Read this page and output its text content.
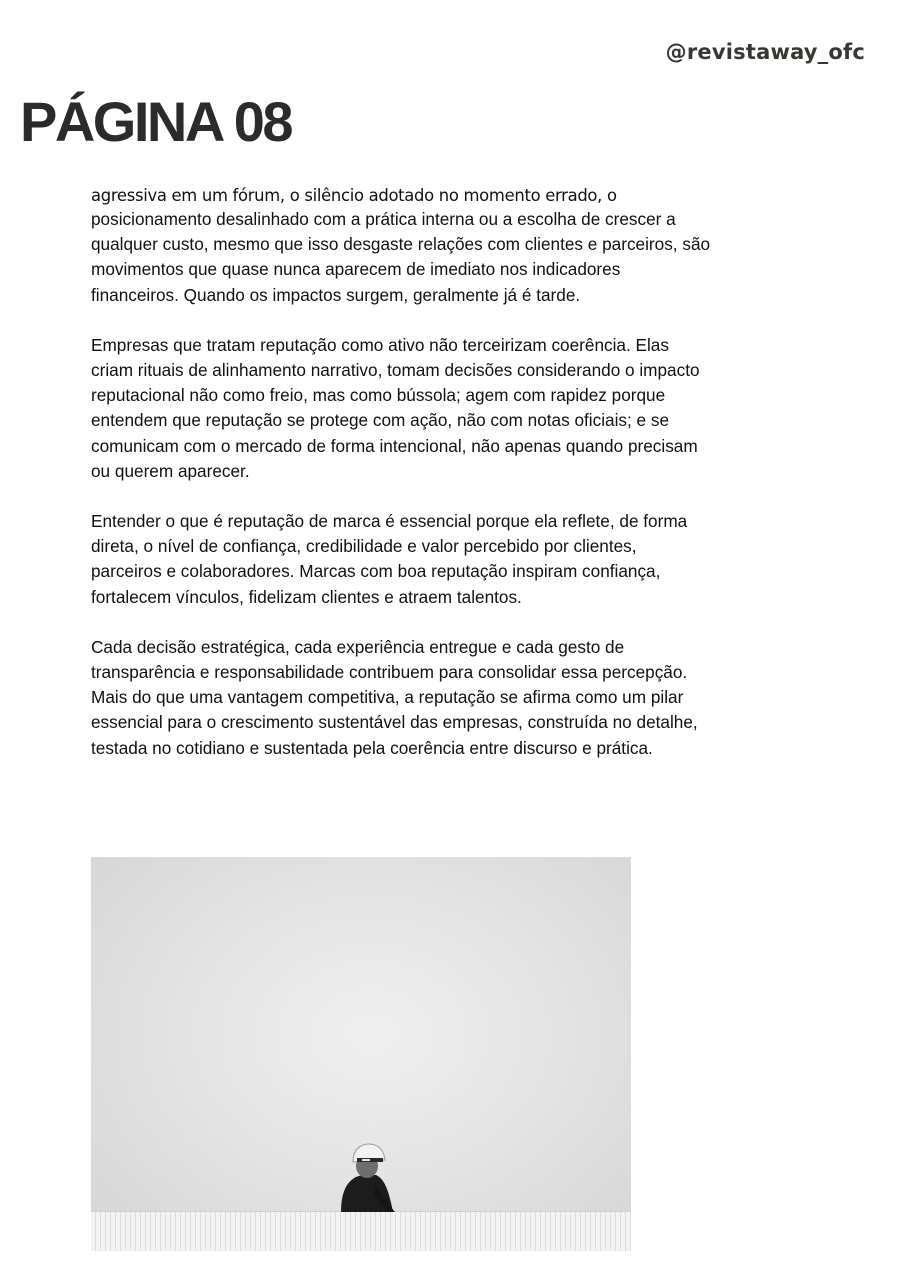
@revistaway_ofc
PÁGINA 08

agressiva em um fórum, o silêncio adotado no momento errado, o

posicionamento desalinhado com a prática interna ou a escolha de crescer a qualquer custo, mesmo que isso desgaste relações com clientes e parceiros, são movimentos que quase nunca aparecem de imediato nos indicadores financeiros. Quando os impactos surgem, geralmente já é tarde.

Empresas que tratam reputação como ativo não terceirizam coerência. Elas criam rituais de alinhamento narrativo, tomam decisões considerando o impacto reputacional não como freio, mas como bússola; agem com rapidez porque entendem que reputação se protege com ação, não com notas oficiais; e se comunicam com o mercado de forma intencional, não apenas quando precisam ou querem aparecer.

Entender o que é reputação de marca é essencial porque ela reflete, de forma direta, o nível de confiança, credibilidade e valor percebido por clientes, parceiros e colaboradores. Marcas com boa reputação inspiram confiança, fortalecem vínculos, fidelizam clientes e atraem talentos.

Cada decisão estratégica, cada experiência entregue e cada gesto de transparência e responsabilidade contribuem para consolidar essa percepção. Mais do que uma vantagem competitiva, a reputação se afirma como um pilar essencial para o crescimento sustentável das empresas, construída no detalhe, testada no cotidiano e sustentada pela coerência entre discurso e prática.
